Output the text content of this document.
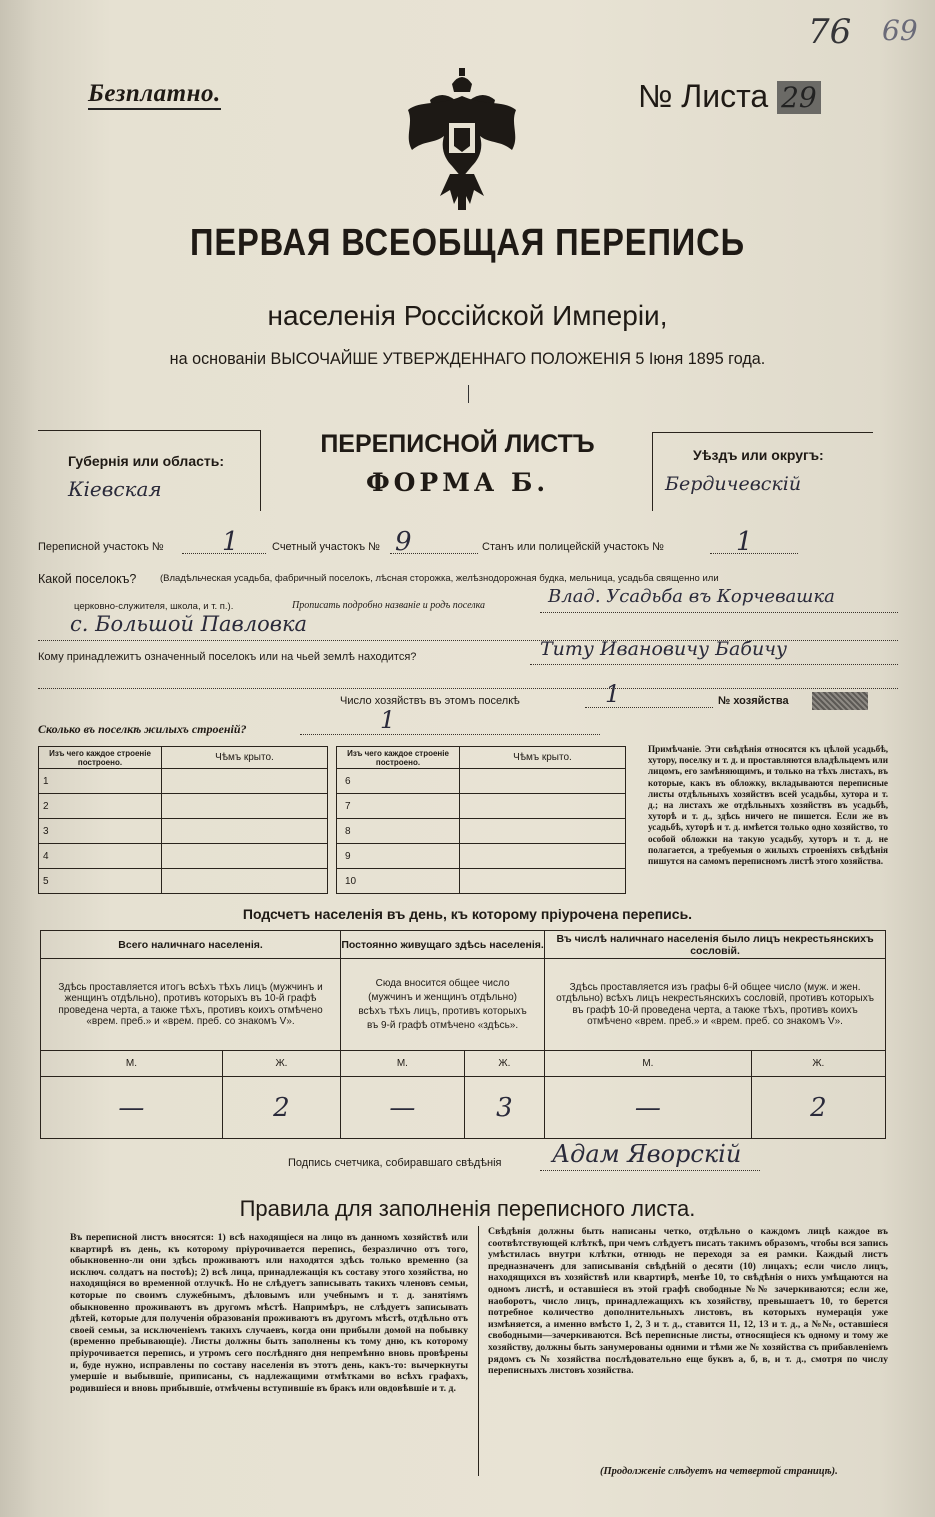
76 69
Безплатно.	№ Листа 29
ПЕРВАЯ ВСЕОБЩАЯ ПЕРЕПИСЬ
населенія Россійской Имперіи,
на основаніи ВЫСОЧАЙШЕ УТВЕРЖДЕННАГО ПОЛОЖЕНІЯ 5 Іюня 1895 года.
Губернія или область:
Кiевская
ПЕРЕПИСНОЙ ЛИСТЪ
ФОРМА Б.
Уѣздъ или округъ:
Бердичевскiй
Переписной участокъ № 1	Счетный участокъ № 9	Станъ или полицейскій участокъ №	1
Какой поселокъ? (Владѣльческая усадьба, фабричный поселокъ, лѣсная сторожка, желѣзнодорожная будка, мельница, усадьба священно или
церковно-служителя, школа, и т. п.).	Прописать подробно названіе и родъ поселка	Влад. Усадьба въ Корчевашка
с. Большой Павловка
Кому принадлежитъ означенный поселокъ или на чьей землѣ находится?	Титу Ивановичу Бабичу
Число хозяйствъ въ этомъ поселкѣ	1	№ хозяйства
Сколько въ поселкѣ жилыхъ строеній?	1
Изъ чего каждое строеніе построено.	Чѣмъ крыто.
1	
2	
3	
4	
5	
Изъ чего каждое строеніе построено.	Чѣмъ крыто.
6	
7	
8	
9	
10	
Примѣчаніе. Эти свѣдѣнія относятся къ цѣлой усадьбѣ, хутору, поселку и т. д. и проставляются владѣльцемъ или лицомъ, его замѣняющимъ, и только на тѣхъ листахъ, въ которые, какъ въ обложку, вкладываются переписные листы отдѣльныхъ хозяйствъ всей усадьбы, хутора и т. д.; на листахъ же отдѣльныхъ хозяйствъ въ усадьбѣ, хуторѣ и т. д., здѣсь ничего не пишется. Если же въ усадьбѣ, хуторѣ и т. д. имѣется только одно хозяйство, то особой обложки на такую усадьбу, хуторъ и т. д. не полагается, а требуемыя о жилыхъ строеніяхъ свѣдѣнія пишутся на самомъ переписномъ листѣ этого хозяйства.
Подсчетъ населенія въ день, къ которому пріурочена перепись.
Всего наличнаго населенія.		Постоянно живущаго здѣсь населенія.		Въ числѣ наличнаго населенія было лицъ некрестьянскихъ сословій.	
Здѣсь проставляется итогъ всѣхъ тѣхъ лицъ (мужчинъ и женщинъ отдѣльно), противъ которыхъ въ 10-й графѣ проведена черта, а также тѣхъ, противъ коихъ отмѣчено «врем. преб.» и «врем. преб. со знакомъ V».		Сюда вносится общее число (мужчинъ и женщинъ отдѣльно) всѣхъ тѣхъ лицъ, противъ которыхъ въ 9-й графѣ отмѣчено «здѣсь».		Здѣсь проставляется изъ графы 6-й общее число (муж. и жен. отдѣльно) всѣхъ лицъ некрестьянскихъ сословій, противъ которыхъ въ графѣ 10-й проведена черта, а также тѣхъ, противъ коихъ отмѣчено «врем. преб.» и «врем. преб. со знакомъ V».	
М.	Ж.	М.	Ж.	М.	Ж.
—	2	—	3	—	2
Подпись счетчика, собиравшаго свѣдѣнія Адам Яворскiй
Правила для заполненія переписного листа.
Въ переписной листъ вносятся: 1) всѣ находящіеся на лицо въ данномъ хозяйствѣ или квартирѣ въ день, къ которому пріурочивается перепись, безразлично отъ того, обыкновенно-ли они здѣсь проживаютъ или находятся здѣсь только временно (за исключ. солдатъ на постоѣ); 2) всѣ лица, принадлежащія къ составу этого хозяйства, но находящіяся во временной отлучкѣ. Но не слѣдуетъ записывать такихъ членовъ семьи, которые по своимъ служебнымъ, дѣловымъ или учебнымъ и т. д. занятіямъ обыкновенно проживаютъ въ другомъ мѣстѣ. Напримѣръ, не слѣдуетъ записывать дѣтей, которые для полученія образованія проживаютъ въ другомъ мѣстѣ, отдѣльно отъ своей семьи, за исключеніемъ такихъ случаевъ, когда они прибыли домой на побывку (временно пребывающіе). Листы должны быть заполнены къ тому дню, къ которому пріурочивается перепись, и утромъ сего послѣдняго дня непремѣнно вновь провѣрены и, буде нужно, исправлены по составу населенія въ этотъ день, какъ-то: вычеркнуты умершіе и выбывшіе, приписаны, съ надлежащими отмѣтками во всѣхъ графахъ, родившіеся и вновь прибывшіе, отмѣчены вступившіе въ бракъ или овдовѣвшіе и т. д.
Свѣдѣнія должны быть написаны четко, отдѣльно о каждомъ лицѣ каждое въ соотвѣтствующей клѣткѣ, при чемъ слѣдуетъ писать такимъ образомъ, чтобы вся запись умѣстилась внутри клѣтки, отнюдь не переходя за ея рамки. Каждый листъ предназначенъ для записыванія свѣдѣній о десяти (10) лицахъ; если число лицъ, находящихся въ хозяйствѣ или квартирѣ, менѣе 10, то свѣдѣнія о нихъ умѣщаются на одномъ листѣ, и оставшіеся въ этой графѣ свободные №№ зачеркиваются; если же, наоборотъ, число лицъ, принадлежащихъ къ хозяйству, превышаетъ 10, то берется потребное количество дополнительныхъ листовъ, въ которыхъ нумерація уже измѣняется, а именно вмѣсто 1, 2, 3 и т. д., ставится 11, 12, 13 и т. д., а №№, оставшіеся свободными—зачеркиваются. Всѣ переписные листы, относящіеся къ одному и тому же хозяйству, должны быть занумерованы одними и тѣми же № хозяйства съ прибавленіемъ рядомъ съ № хозяйства послѣдовательно еще буквъ а, б, в, и т. д., смотря по числу переписныхъ листовъ хозяйства.
(Продолженіе слѣдуетъ на четвертой страницѣ).
